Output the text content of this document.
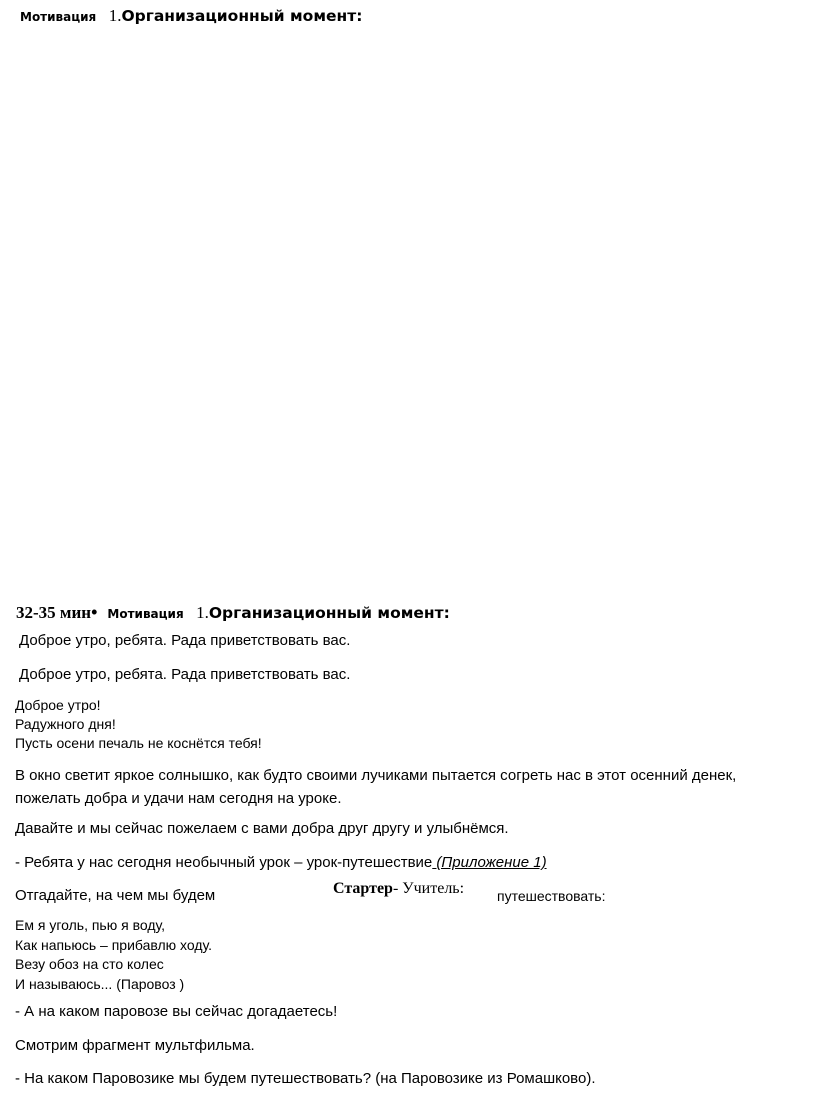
Мотивация 1.Организационный момент:
32-35 мин• Мотивация 1.Организационный момент:
Доброе утро, ребята. Рада приветствовать вас.
Доброе утро, ребята. Рада приветствовать вас.
Доброе утро!
Радужного дня!
Пусть осени печаль не коснётся тебя!
В окно светит яркое солнышко, как будто своими лучиками пытается согреть нас в этот осенний денек,
пожелать добра и удачи нам сегодня на уроке.
Давайте и мы сейчас пожелаем с вами добра друг другу и улыбнёмся.
- Ребята у нас сегодня необычный урок – урок-путешествие (Приложение 1)
Отгадайте, на чем мы будем	Стартер- Учитель: путешествовать:
Ем я уголь, пью я воду,
Как напьюсь – прибавлю ходу.
Везу обоз на сто колес
И называюсь... (Паровоз )
- А на каком паровозе вы сейчас догадаетесь!
Смотрим фрагмент мультфильма.
- На каком Паровозике мы будем путешествовать? (на Паровозике из Ромашково).
